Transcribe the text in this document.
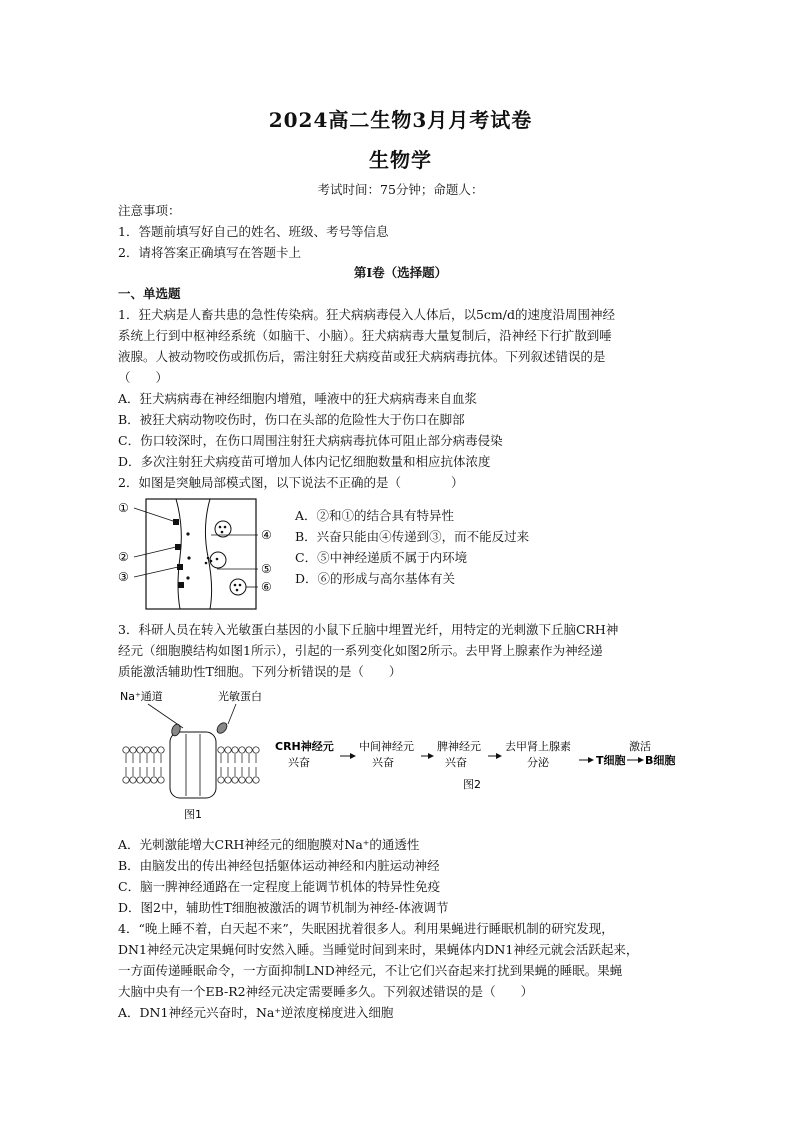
2024高二生物3月月考试卷
生物学
考试时间：75分钟；命题人：
注意事项：
1．答题前填写好自己的姓名、班级、考号等信息
2．请将答案正确填写在答题卡上
第I卷（选择题）
一、单选题
1．狂犬病是人畜共患的急性传染病。狂犬病病毒侵入人体后，以5cm/d的速度沿周围神经
系统上行到中枢神经系统（如脑干、小脑）。狂犬病病毒大量复制后，沿神经下行扩散到唾
液腺。人被动物咬伤或抓伤后，需注射狂犬病疫苗或狂犬病病毒抗体。下列叙述错误的是
（　　）
A．狂犬病病毒在神经细胞内增殖，唾液中的狂犬病病毒来自血浆
B．被狂犬病动物咬伤时，伤口在头部的危险性大于伤口在脚部
C．伤口较深时，在伤口周围注射狂犬病病毒抗体可阻止部分病毒侵染
D．多次注射狂犬病疫苗可增加人体内记忆细胞数量和相应抗体浓度
2．如图是突触局部模式图，以下说法不正确的是（　　　　）
①
②
③
④
⑤
⑥
A．②和①的结合具有特异性
B．兴奋只能由④传递到③，而不能反过来
C．⑤中神经递质不属于内环境
D．⑥的形成与高尔基体有关
3．科研人员在转入光敏蛋白基因的小鼠下丘脑中埋置光纤，用特定的光刺激下丘脑CRH神
经元（细胞膜结构如图1所示），引起的一系列变化如图2所示。去甲肾上腺素作为神经递
质能激活辅助性T细胞。下列分析错误的是（　　）
Na⁺通道	光敏蛋白
图1
CRH神经元
兴奋
中间神经元
兴奋
脾神经元
兴奋
去甲肾上腺素
分泌	T细胞
激活
B细胞
图2
A．光刺激能增大CRH神经元的细胞膜对Na⁺的通透性
B．由脑发出的传出神经包括躯体运动神经和内脏运动神经
C．脑一脾神经通路在一定程度上能调节机体的特异性免疫
D．图2中，辅助性T细胞被激活的调节机制为神经-体液调节
4．“晚上睡不着，白天起不来”，失眠困扰着很多人。利用果蝇进行睡眠机制的研究发现，
DN1神经元决定果蝇何时安然入睡。当睡觉时间到来时，果蝇体内DN1神经元就会活跃起来，
一方面传递睡眠命令，一方面抑制LND神经元，不让它们兴奋起来打扰到果蝇的睡眠。果蝇
大脑中央有一个EB-R2神经元决定需要睡多久。下列叙述错误的是（　　）
A．DN1神经元兴奋时，Na⁺逆浓度梯度进入细胞
